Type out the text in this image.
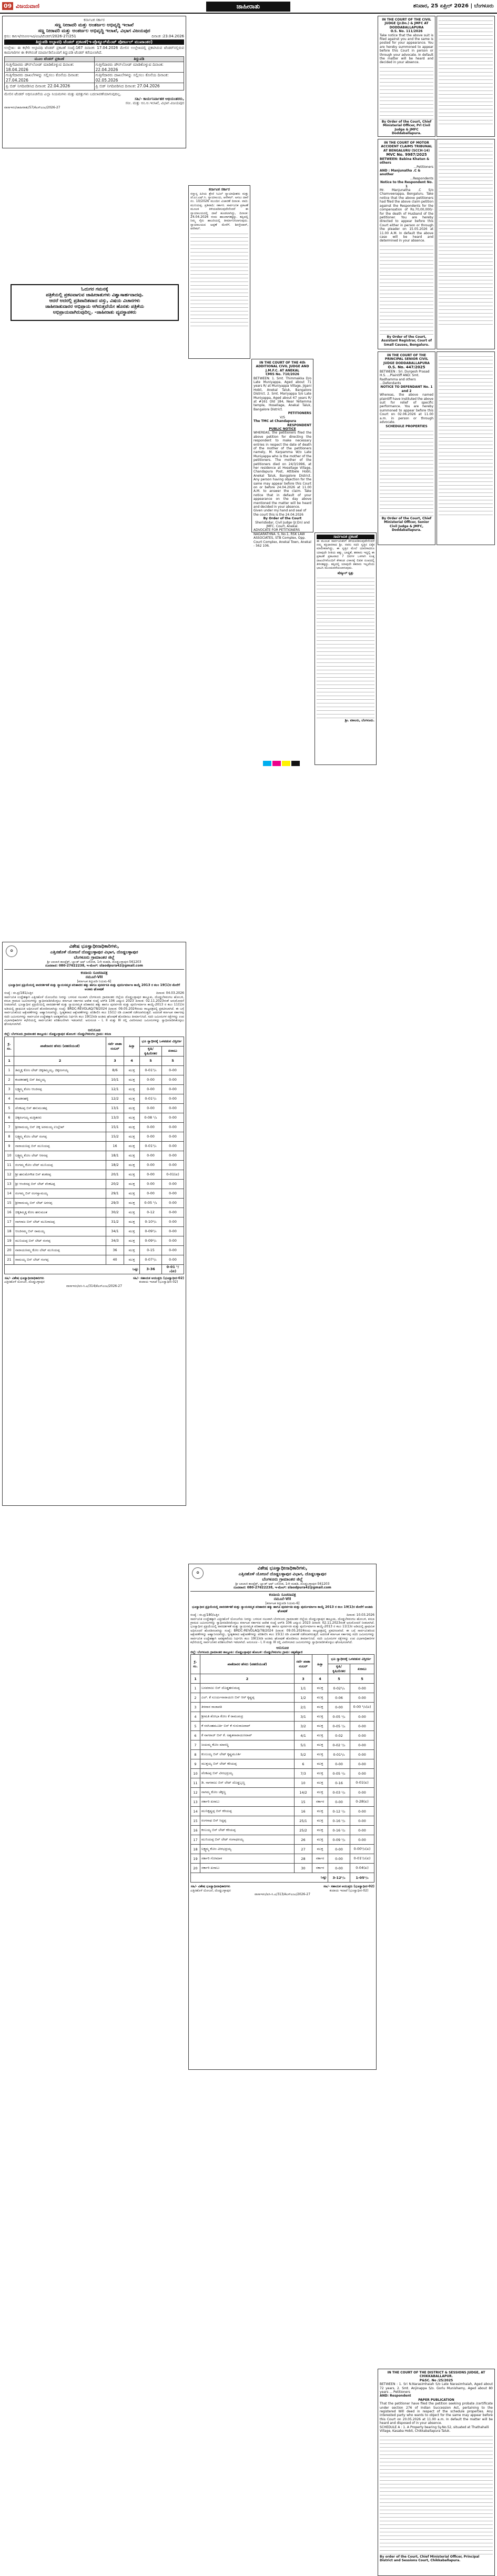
09 ವಿಜಯವಾಣಿ	ಜಾಹೀರಾತು	ಶನಿವಾರ, 25 ಏಪ್ರಿಲ್ 2026 | ಬೆಂಗಳೂರು
ಕರ್ನಾಟಕ ಸರ್ಕಾರ
ಸಣ್ಣ ನೀರಾವರಿ ಮತ್ತು ಅಂತರ್ಜಲ ಅಭಿವೃದ್ಧಿ ಇಲಾಖೆ
ಸಣ್ಣ ನೀರಾವರಿ ಮತ್ತು ಅಂತರ್ಜಲ ಅಭಿವೃದ್ಧಿ ಇಲಾಖೆ, ವಿಭಾಗ ವಿಜಯಪುರ
ಕ್ರಸಂ: ಕಾನಿಇ/ಸನಿಅಅಇವಿ/ವಿಜ/ಟೆಂಡರ್/2026-27/251	ದಿನಾಂಕ :23.04.2026
ತಿದ್ದುಪಡಿ ಅಲ್ಪಾವಧಿ ಟೆಂಡರ್ ಪ್ರಕಟಣೆ(ಇ-ಪ್ರೊಕ್ಯೂರ್‌ಮೆಂಟ್ ಪೋರ್ಟಲ್ ಮುಖಾಂತರ)
ಉಲ್ಲೇಖ: ಈ ಕಛೇರಿ ಅಲ್ಪಾವಧಿ ಟೆಂಡರ್ ಪ್ರಕಟಣೆ ಸಂಖ್ಯೆ:167 ದಿನಾಂಕ: 17.04.2026 ಮೇಲಿನ ಉಲ್ಲೇಖದಲ್ಲಿ ಪ್ರಕಟಿಸಿರುವ ಟೆಂಡರ್‌ನಲ್ಲಿರುವ ಕಾಮಗಾರಿಗಳ ಈ ಕೆಳಗಿನಂತೆ ಮಾರ್ಪಾಡಿನೊಂದಿಗೆ ತಿದ್ದುಪಡಿ ಟೆಂಡರ್ ಕರೆಯಲಾಗಿದೆ.
ಮೂಲ ಟೆಂಡರ್ ಪ್ರಕಟಣೆ	ತಿದ್ದುಪಡಿ
ಗುತ್ತಿಗೆದಾರರು ಡೌನ್‌ಲೋಡ್ ಮಾಡಿಕೊಳ್ಳುವ ದಿನಾಂಕ: 18.04.2026	ಗುತ್ತಿಗೆದಾರರು ಡೌನ್‌ಲೋಡ್ ಮಾಡಿಕೊಳ್ಳುವ ದಿನಾಂಕ: 22.04.2026
ಗುತ್ತಿಗೆದಾರರು ದಾಖಲೆಗಳನ್ನು ಸಲ್ಲಿಸಲು ಕೊನೆಯ ದಿನಾಂಕ: 27.04.2026	ಗುತ್ತಿಗೆದಾರರು ದಾಖಲೆಗಳನ್ನು ಸಲ್ಲಿಸಲು ಕೊನೆಯ ದಿನಾಂಕ: 02.05.2026
ಪ್ರಿ ಬಿಡ್ ನಿಗದಿಪಡಿಸಿದ ದಿನಾಂಕ: 22.04.2026	ಪ್ರಿ ಬಿಡ್ ನಿಗದಿಪಡಿಸಿದ ದಿನಾಂಕ: 27.04.2026
ಮೇಲಿನ ಟೆಂಡರ್ ಅಧಿಸೂಚನೆಯ ಎಲ್ಲಾ ನಿಯಮಗಳು ಮತ್ತು ಷರತ್ತುಗಳು ಬದಲಾವಣೆಯಾಗುವುದಿಲ್ಲ.
ಸಹಿ/- ಕಾರ್ಯನಿರ್ವಾಹಕ ಅಭಿಯಂತರರು,
ಸನೀ. ಮತ್ತು ಅಂ.ಅ.ಇಲಾಖೆ, ವಿಭಾಗ ವಿಜಯಪುರ
ವಾಸಾಇಸಂ/ಜಾಹೀರಾತು/57/ಕೆಎಸ್‌ಎಂಎ/2026-27
ಓದುಗರ ಗಮನಕ್ಕೆ
ಪತ್ರಿಕೆಯಲ್ಲಿ ಪ್ರಕಟವಾಗುವ ಜಾಹೀರಾತುಗಳು ವಿಶ್ವಾಸಾರ್ಹವಾದವು.
ಆದರೆ ಅದರಲ್ಲಿ ಪ್ರತಿಪಾದಿತವಾದ ವಸ್ತು, ವಿಷಯ ವಿಚಾರಗಳು
ಜಾಹೀರಾತುದಾರರ ಅಭಿಪ್ರಾಯ ಆಗಿರುತ್ತವೆಯೇ ಹೊರತು ಪತ್ರಿಕೆಯ
ಅಭಿಪ್ರಾಯವಾಗಿರುವುದಿಲ್ಲ. -ಜಾಹೀರಾತು ವ್ಯವಸ್ಥಾಪಕರು
ಕರ್ನಾಟಕ ಸರ್ಕಾರ
ಸನ್ಮಾನ್ಯ ಹಿರಿಯ ಶ್ರೇಣಿ ಸಿವಿಲ್ ನ್ಯಾಯಾಧೀಶರು ಮತ್ತು ಜೆ.ಎಂ.ಎಫ್.ಸಿ. ನ್ಯಾಯಾಲಯ, ಆನೇಕಲ್. ಅಸಲು ದಾವೆ ನಂ. 10/2026 ಮುಂದಿನ ವಿಚಾರಣೆ ದಿನಾಂಕ. ವಾದಿ: ಮುನಿಯಪ್ಪ. ಪ್ರತಿವಾದಿ: ಸರ್ಕಾರ. ಸಾರ್ವಜನಿಕ ಪ್ರಕಟಣೆ ಮೂಲಕ ತಿಳಿಯಪಡಿಸುವುದೇನೆಂದರೆ ಈ ನ್ಯಾಯಾಲಯದಲ್ಲಿ ದಾವೆ ಹೂಡಲಾಗಿದ್ದು, ದಿನಾಂಕ: 24.04.2026 ರಂದು ಹಾಜರಾಗತಕ್ಕದ್ದು. ತಪ್ಪಿದಲ್ಲಿ ನಿಮ್ಮ ಗೈರು ಹಾಜರಿಯಲ್ಲಿ ತೀರ್ಮಾನಿಸಲಾಗುವುದು. ನ್ಯಾಯಾಲಯದ ಅಪ್ಪಣೆ ಮೇರೆಗೆ. ಶಿರಸ್ತೇದಾರ್, ಆನೇಕಲ್.
IN THE COURT OF THE 4th ADDITIONAL CIVIL JUDGE AND J.M.F.C. AT ANEKAL
CMIS No. 710/2026
BETWEEN: 1. Smt. Thimmakka D/o Late Muniyappa, Aged about 71 years R/ at Muniyappa Village, Jigani Hobli, Anekal Taluk, Bangalore District. 2. Smt. Mariyappa S/o Late Muniyappa, Aged about 67 years R/ at #161 Old 184, Near Yellamma temple, Hosellage, Anekal Taluk, Bangalore District.
PETITIONERS
V/S
The TMC at Chandapura
RESPONDENT
PUBLIC NOTICE
WHEREAS, the petitioners filed the above petition for directing the respondent to make necessary entries in respect the date of death of the mother of the petitioners namely, M. Karpamma W/o Late Muniyappa who is the mother of the petitioners. The mother of the petitioners died on 24/3/1996, at her residence at Hosellage Village, Chandapura Post, Attibele Hobli, Anekal Taluk, Bangalore District. Any person having objection for the same may appear before this Court on or before 24.04.2026 at 11.00 A.M. to answer the claim. Take notice that in default of your appearance on the day above mentioned the matter will be heard and decided in your absence.
Given under my hand and seal of the court this is the 24.04.2026
By Order of the Court
Sheristedar, Civil Judge (Jr.Dn) and JMFC. Court, Anekal.
ADVOCATE FOR PETITIONERS NAGARATHNA. S, No.1, RSK LAW ASSOCIATES, STB Complex, Opp. Court Complex, Anekal Town, Anekal - 562 106.
ಸಾರ್ವಜನಿಕ ಪ್ರಕಟಣೆ
ಈ ಮೂಲಕ ಸಾರ್ವಜನಿಕರಿಗೆ ತಿಳಿಯಪಡಿಸುವುದೇನೆಂದರೆ ನಮ್ಮ ಕಕ್ಷಿದಾರರಾದ ಶ್ರೀ. ರವರು ಸದರಿ ಸ್ವತ್ತಿನ ಏಕೈಕ ಮಾಲೀಕರಾಗಿದ್ದು, ಈ ಸ್ವತ್ತಿನ ಮೇಲೆ ಯಾರಿಗಾದರೂ ಯಾವುದೇ ರೀತಿಯ ಹಕ್ಕು, ಬಾಧ್ಯತೆ, ತಕರಾರು ಇದ್ದಲ್ಲಿ ಈ ಪ್ರಕಟಣೆ ಪ್ರಕಟವಾದ 7 ದಿನಗಳ ಒಳಗಾಗಿ ಸೂಕ್ತ ದಾಖಲೆಗಳೊಂದಿಗೆ ಕೆಳಕಂಡ ವಿಳಾಸಕ್ಕೆ ಲಿಖಿತ ರೂಪದಲ್ಲಿ ತಿಳಿಸತಕ್ಕದ್ದು. ತಪ್ಪಿದಲ್ಲಿ ಯಾವುದೇ ತಕರಾರು ಇಲ್ಲವೆಂದು ಭಾವಿಸಿ ಮುಂದುವರೆಯಲಾಗುವುದು.
ಷೆಡ್ಯೂಲ್ ಸ್ವತ್ತು
ಶ್ರೀ. ವಕೀಲರು, ಬೆಂಗಳೂರು.
IN THE COURT OF THE CIVIL JUDGE (Jr.Dn.) & JMFC AT DODDABALLAPURA
O.S. No. 111/2026
Take notice that the above suit is filed against you and the same is posted for your appearance. You are hereby summoned to appear before this Court in person or through your advocate. In default the matter will be heard and decided in your absence.
By Order of the Court, Chief Ministerial Officer, Prl Civil Judge & JMFC Doddaballapura.
IN THE COURT OF MOTOR ACCIDENT CLAIMS TRIBUNAL AT BENGALURU (SCCH-14)
MVC No. 9987/2025
BETWEEN: Babina Khatun & others
...Petitioners
AND : Manjunatha .C & another
...Respondents
Notice to the Respondent No. 1
Mr. Manjunatha .C S/o Chamveerappa, Bengaluru. Take notice that the above petitioners had filed the above claim petition against the Respondents for the compensation of Rs.70,00,000/- for the death of Husband of the petitioner. You are hereby directed to appear before this Court either in person or through the pleader on 15.05.2026 at 11.00 A.M. In default the above case will be heard and determined in your absence.
By Order of the Court, Assistant Registrar, Court of Small Causes, Bengaluru.
IN THE COURT OF THE PRINCIPAL SENIOR CIVIL JUDGE DODDABALLAPURA
O.S. No. 447/2025
BETWEEN : Sri. Durgesh Prasad H.S. ...Plaintiff AND: Smt. Radhamma and others ...Defendants
NOTICE TO DEFENDANT No. 1 and 2
Whereas, the above named plaintiff have instituted the above suit for relief of specific performance. You are hereby summoned to appear before this Court on 02.06.2026 at 11.00 a.m. in person or through advocate.
SCHEDULE PROPERTIES
By Order of the Court, Chief Ministerial Officer, Senior Civil Judge & JMFC, Doddaballapura.
✪
ವಿಶೇಷ ಭೂಸ್ವಾಧೀನಾಧಿಕಾರಿಗಳು,
ಎತ್ತಿನಹೊಳೆ ಯೋಜನೆ ದೊಡ್ಡಬಳ್ಳಾಪುರ ವಿಭಾಗ, ದೊಡ್ಡಬಳ್ಳಾಪುರ
ಬೆಂಗಳೂರು ಗ್ರಾಮಾಂತರ ಜಿಲ್ಲೆ
ಶ್ರೀ ಬಾಲಾಜಿ ಕಾಂಪ್ಲೆಕ್ಸ್, ಬ್ಯಾಂಕ್ ಆಫ್ ಬರೋಡ, 1ನೇ ಮಹಡಿ, ದೊಡ್ಡಬಳ್ಳಾಪುರ-561203
ದೂರವಾಣಿ: 080-27622238, ಇ-ಮೇಲ್: slaodpura42@gmail.com
ಕಂದಾಯ ಸೂಚನಾಪತ್ರ
ನಮೂನೆ-VII
[ಕರ್ನಾಟಕ ತಿದ್ದುಪಡಿ ನಿಯಮ-6]
ಭೂಸ್ವಾಧೀನ ಪ್ರಕ್ರಿಯೆಯಲ್ಲಿ ಪಾರದರ್ಶಕತೆ ಮತ್ತು ನ್ಯಾಯಸಮ್ಮತ ಪರಿಹಾರದ ಹಕ್ಕು ಹಾಗೂ ಪುನರ್ವಸತಿ ಮತ್ತು ಪುನರ್ನಿರ್ಮಾಣ ಕಾಯ್ದೆ 2013 ರ ಕಲಂ 19(1)ರ ಮೇರೆಗೆ ಅಂತಿಮ ಘೋಷಣೆ
ಸಂಖ್ಯೆ : ಕಂ.ಪ್ರ/181/ಎತ್ತಿನ	ದಿನಾಂಕ: 04.03.2026
ಸಾರ್ವಜನಿಕ ಉದ್ದೇಶಕ್ಕಾಗಿ ಎತ್ತಿನಹೊಳೆ ಯೋಜನೆಯ ನೀರನ್ನು ಬಳಸುವ ಸಲುವಾಗಿ ಬೆಂಗಳೂರು ಗ್ರಾಮಾಂತರ ಜಿಲ್ಲೆಯ ದೊಡ್ಡಬಳ್ಳಾಪುರ ತಾಲ್ಲೂಕು, ದೊಡ್ಡಬೆಳವಂಗಲ ಹೋಬಳಿ, ಕಸಬಾ ಗ್ರಾಮದ ಜಮೀನುಗಳನ್ನು ಸ್ವಾಧೀನಪಡಿಸಿಕೊಳ್ಳಲು ಕರ್ನಾಟಕ ಸರ್ಕಾರದ ಆದೇಶ ಸಂಖ್ಯೆ ಆರ್‌ಡಿ 106 ಎಕ್ಯೂಬಿ 2023 ದಿನಾಂಕ: 02.11.2023ರಂತೆ ಅನುಮೋದನೆ ನೀಡಲಾಗಿದೆ. ಭೂಸ್ವಾಧೀನ ಪ್ರಕ್ರಿಯೆಯಲ್ಲಿ ಪಾರದರ್ಶಕತೆ ಮತ್ತು ನ್ಯಾಯಸಮ್ಮತ ಪರಿಹಾರದ ಹಕ್ಕು ಹಾಗೂ ಪುನರ್ವಸತಿ ಮತ್ತು ಪುನರ್ನಿರ್ಮಾಣ ಕಾಯ್ದೆ-2013 ರ ಕಲಂ 11(1)ರ ಅಡಿಯಲ್ಲಿ ಪ್ರಾಥಮಿಕ ಅಧಿಸೂಚನೆ ಹೊರಡಿಸಲಾಗಿದ್ದು ಸಂಖ್ಯೆ: BRDC-REVOLAQ/78/2024 ದಿನಾಂಕ: 09.05.2024ರಂದು ರಾಜ್ಯಪತ್ರದಲ್ಲಿ ಪ್ರಕಟಿಸಲಾಗಿದೆ. ಈ ಬಗ್ಗೆ ಸಾರ್ವಜನಿಕರಿಂದ ಆಕ್ಷೇಪಣೆಗಳನ್ನು ಆಹ್ವಾನಿಸಲಾಗಿದ್ದು, ಸ್ವೀಕೃತವಾದ ಆಕ್ಷೇಪಣೆಗಳನ್ನು ಪರಿಶೀಲಿಸಿ ಕಲಂ 15(1) ರಡಿ ವಿಚಾರಣೆ ನಡೆಸಲಾಗಿರುತ್ತದೆ. ಅದರಂತೆ ಕರ್ನಾಟಕ ಸರ್ಕಾರವು ಸದರಿ ಜಮೀನುಗಳನ್ನು ಸಾರ್ವಜನಿಕ ಉದ್ದೇಶಕ್ಕಾಗಿ ಅವಶ್ಯಕವೆಂದು ನಿರ್ಧರಿಸಿ ಕಲಂ 19(1)ರಡಿ ಅಂತಿಮ ಘೋಷಣೆ ಹೊರಡಿಸಲು ತೀರ್ಮಾನಿಸಿದೆ. ಸದರಿ ಜಮೀನುಗಳ ನಕ್ಷೆಗಳನ್ನು ಉಪ ವಿಭಾಗಾಧಿಕಾರಿಗಳ ಕಛೇರಿಯಲ್ಲಿ ಸಾರ್ವಜನಿಕರ ಪರಿಶೀಲನೆಗಾಗಿ ಇಡಲಾಗಿದೆ. ಅನುಸೂಚಿ - I, II ಮತ್ತು III ರಲ್ಲಿ ವಿವರಿಸಲಾದ ಜಮೀನುಗಳನ್ನು ಸ್ವಾಧೀನಪಡಿಸಿಕೊಳ್ಳಲು ಘೋಷಿಸಲಾಗಿದೆ.
ಅನುಸೂಚಿ
ಜಿಲ್ಲೆ: ಬೆಂಗಳೂರು ಗ್ರಾಮಾಂತರ ತಾಲ್ಲೂಕು: ದೊಡ್ಡಬಳ್ಳಾಪುರ ಹೋಬಳಿ: ದೊಡ್ಡಬೆಳವಂಗಲ ಗ್ರಾಮ: ಕಸಬಾ
ಕ್ರ. ಸಂ.	ಖಾತೆದಾರರ ಹೆಸರು (ಪಹಣಿಯಂತೆ)	ಸರ್ವೆ ಖಾತಾ ನಂಬರ್	ಹಿಸ್ಸಾ	ಭೂ ಸ್ವಾಧೀನಕ್ಕೆ ಒಳಪಡುವ ವಿಸ್ತೀರ್ಣ	
				ಕೃಷಿ/ ಕೃಷಿಯೇತರ	ಖರಾಬು
1	2	3	4	5	5
1	ತಿಮ್ಮಕ್ಕ ಕೋಂ ಲೇಟ್ ಚಿಕ್ಕತಿಮ್ಮಯ್ಯ, ಚಿಕ್ಕರಂಗಯ್ಯ	8/6	ಮುಕ್ತ	0-01¹/₄	0-00
2	ಕಂದಕನಹಳ್ಳಿ ಬಿನ್ ತಿಮ್ಮಯ್ಯ	10/1	ಮುಕ್ತ	0-00	0-00
3	ಲಕ್ಷ್ಮಮ್ಮ ಕೋಂ ಆಂಜಿನಪ್ಪ	12/1	ಮುಕ್ತ	0-00	0-00
4	ಕಂದಕನಹಳ್ಳಿ	12/2	ಮುಕ್ತ	0-01¹/₂	0-00
5	ವೆಂಕಟಪ್ಪ ಬಿನ್ ಹನುಮಂತಪ್ಪ	13/1	ಮುಕ್ತ	0-00	0-00
6	ಚಿಕ್ಕರಂಗಯ್ಯ ಮತ್ತಿತರರು	13/3	ಮುಕ್ತ	0-08 ¹/₂	0-00
7	ಶ್ರೀರಾಮಯ್ಯ ಬಿನ್ ಚಿಕ್ಕ ಅರಮಯ್ಯ ಉಲ್ಲೇಖ್	15/1	ಮುಕ್ತ	0-00	0-00
8	ಲಕ್ಷ್ಮಮ್ಮ ಕೋಂ ಲೇಟ್ ರಂಗಪ್ಪ	15/2	ಮುಕ್ತ	0-00	0-00
9	ನಾರಾಯಣಪ್ಪ ಬಿನ್ ಮುನಿಯಪ್ಪ	16	ಮುಕ್ತ	0-01¹/₄	0-00
10	ಲಕ್ಷ್ಮಮ್ಮ ಕೋಂ ಲೇಟ್ ಆರನಪ್ಪ	18/1	ಮುಕ್ತ	0-00	0-00
11	ರಂಗಮ್ಮ ಕೋಂ ಲೇಟ್ ಮುನಿಯಪ್ಪ	18/2	ಮುಕ್ತ	0-00	0-00
12	ಶ್ರೀ ಹನುಮೇಗೌಡ ಬಿನ್ ಶಂಕರಪ್ಪ	20/1	ಮುಕ್ತ	0-00	0-01(ಖ)
13	ಶ್ರೀ ಆಂಜಿನಪ್ಪ ಬಿನ್ ಲೇಟ್ ವೆಂಕಟಪ್ಪ	20/2	ಮುಕ್ತ	0-00	0-00
14	ರಂಗಮ್ಮ ಬಿನ್ ರಂಗಸ್ವಾಮಯ್ಯ	29/1	ಮುಕ್ತ	0-00	0-00
15	ಶ್ರೀರಾಮಯ್ಯ ಬಿನ್ ಲೇಟ್ ಅರಸಪ್ಪ	29/3	ಮುಕ್ತ	0-05 ¹/₄	0-00
16	ಚಿಕ್ಕತಿಮ್ಮಕ್ಕ ಕೋಂ ಹನುಮಂತ	30/2	ಮುಕ್ತ	0-12	0-00
17	ನಾಗರಾಜ ಬಿನ್ ಲೇಟ್ ಮುನಿರಾಜಪ್ಪ	31/2	ಮುಕ್ತ	0-10¹/₄	0-00
18	ಆಂಜಿನಮ್ಮ ಬಿನ್ ರಾಮಯ್ಯ	34/1	ಮುಕ್ತ	0-09¹/₄	0-00
19	ಮುನಿಯಪ್ಪ ಬಿನ್ ಲೇಟ್ ರಂಗಪ್ಪ	34/3	ಮುಕ್ತ	0-09¹/₄	0-00
20	ನಾರಾಯಣಮ್ಮ ಕೋಂ ಲೇಟ್ ಮುನಿಯಪ್ಪ	36	ಮುಕ್ತ	0-15	0-00
21	ರಾಮಯ್ಯ ಬಿನ್ ಲೇಟ್ ಗಂಗಪ್ಪ	40	ಮುಕ್ತ	0-07¹/₄	0-00
ಒಟ್ಟು				3-36	0-01 ¹/₂(ಖ)
ಸಹಿ/- ವಿಶೇಷ ಭೂಸ್ವಾಧೀನಾಧಿಕಾರಿಗಳು
ಎತ್ತಿನಹೊಳೆ ಯೋಜನೆ, ದೊಡ್ಡಬಳ್ಳಾಪುರ
ಸಹಿ/- ಸಹಾಯಕ ಆಯುಕ್ತರು (ಭೂಸ್ವಾಧೀನ-02)
ಕಂದಾಯ ಇಲಾಖೆ (ಭೂಸ್ವಾಧೀನ-02)
ವಾಸಾಇಸಂ/ಐಸಿ-ಸಿ.ಎ/314/ಕೆಎಸ್‌ಎಂಎ/2026-27
✪
ವಿಶೇಷ ಭೂಸ್ವಾಧೀನಾಧಿಕಾರಿಗಳು,
ಎತ್ತಿನಹೊಳೆ ಯೋಜನೆ ದೊಡ್ಡಬಳ್ಳಾಪುರ ವಿಭಾಗ, ದೊಡ್ಡಬಳ್ಳಾಪುರ
ಬೆಂಗಳೂರು ಗ್ರಾಮಾಂತರ ಜಿಲ್ಲೆ
ಶ್ರೀ ಬಾಲಾಜಿ ಕಾಂಪ್ಲೆಕ್ಸ್, ಬ್ಯಾಂಕ್ ಆಫ್ ಬರೋಡ, 1ನೇ ಮಹಡಿ, ದೊಡ್ಡಬಳ್ಳಾಪುರ-561203
ದೂರವಾಣಿ: 080-27622238, ಇ-ಮೇಲ್: slaodpura42@gmail.com
ಕಂದಾಯ ಸೂಚನಾಪತ್ರ
ನಮೂನೆ-VII
[ಕರ್ನಾಟಕ ತಿದ್ದುಪಡಿ ನಿಯಮ-6]
ಭೂಸ್ವಾಧೀನ ಪ್ರಕ್ರಿಯೆಯಲ್ಲಿ ಪಾರದರ್ಶಕತೆ ಮತ್ತು ನ್ಯಾಯಸಮ್ಮತ ಪರಿಹಾರದ ಹಕ್ಕು ಹಾಗೂ ಪುನರ್ವಸತಿ ಮತ್ತು ಪುನರ್ನಿರ್ಮಾಣ ಕಾಯ್ದೆ 2013 ರ ಕಲಂ 19(1)ರ ಮೇರೆಗೆ ಅಂತಿಮ ಘೋಷಣೆ
ಸಂಖ್ಯೆ : ಕಂ.ಪ್ರ/180/ಎತ್ತಿನ	ದಿನಾಂಕ: 10.03.2026
ಸಾರ್ವಜನಿಕ ಉದ್ದೇಶಕ್ಕಾಗಿ ಎತ್ತಿನಹೊಳೆ ಯೋಜನೆಯ ನೀರನ್ನು ಬಳಸುವ ಸಲುವಾಗಿ ಬೆಂಗಳೂರು ಗ್ರಾಮಾಂತರ ಜಿಲ್ಲೆಯ ದೊಡ್ಡಬಳ್ಳಾಪುರ ತಾಲ್ಲೂಕು, ದೊಡ್ಡಬೆಳವಂಗಲ ಹೋಬಳಿ, ಕಸಬಾ ಗ್ರಾಮದ ಜಮೀನುಗಳನ್ನು ಸ್ವಾಧೀನಪಡಿಸಿಕೊಳ್ಳಲು ಕರ್ನಾಟಕ ಸರ್ಕಾರದ ಆದೇಶ ಸಂಖ್ಯೆ ಆರ್‌ಡಿ 106 ಎಕ್ಯೂಬಿ 2023 ದಿನಾಂಕ: 02.11.2023ರಂತೆ ಅನುಮೋದನೆ ನೀಡಲಾಗಿದೆ. ಭೂಸ್ವಾಧೀನ ಪ್ರಕ್ರಿಯೆಯಲ್ಲಿ ಪಾರದರ್ಶಕತೆ ಮತ್ತು ನ್ಯಾಯಸಮ್ಮತ ಪರಿಹಾರದ ಹಕ್ಕು ಹಾಗೂ ಪುನರ್ವಸತಿ ಮತ್ತು ಪುನರ್ನಿರ್ಮಾಣ ಕಾಯ್ದೆ-2013 ರ ಕಲಂ 11(1)ರ ಅಡಿಯಲ್ಲಿ ಪ್ರಾಥಮಿಕ ಅಧಿಸೂಚನೆ ಹೊರಡಿಸಲಾಗಿದ್ದು ಸಂಖ್ಯೆ: BRDC-REVOLAQ/78/2024 ದಿನಾಂಕ: 09.05.2024ರಂದು ರಾಜ್ಯಪತ್ರದಲ್ಲಿ ಪ್ರಕಟಿಸಲಾಗಿದೆ. ಈ ಬಗ್ಗೆ ಸಾರ್ವಜನಿಕರಿಂದ ಆಕ್ಷೇಪಣೆಗಳನ್ನು ಆಹ್ವಾನಿಸಲಾಗಿದ್ದು, ಸ್ವೀಕೃತವಾದ ಆಕ್ಷೇಪಣೆಗಳನ್ನು ಪರಿಶೀಲಿಸಿ ಕಲಂ 15(1) ರಡಿ ವಿಚಾರಣೆ ನಡೆಸಲಾಗಿರುತ್ತದೆ. ಅದರಂತೆ ಕರ್ನಾಟಕ ಸರ್ಕಾರವು ಸದರಿ ಜಮೀನುಗಳನ್ನು ಸಾರ್ವಜನಿಕ ಉದ್ದೇಶಕ್ಕಾಗಿ ಅವಶ್ಯಕವೆಂದು ನಿರ್ಧರಿಸಿ ಕಲಂ 19(1)ರಡಿ ಅಂತಿಮ ಘೋಷಣೆ ಹೊರಡಿಸಲು ತೀರ್ಮಾನಿಸಿದೆ. ಸದರಿ ಜಮೀನುಗಳ ನಕ್ಷೆಗಳನ್ನು ಉಪ ವಿಭಾಗಾಧಿಕಾರಿಗಳ ಕಛೇರಿಯಲ್ಲಿ ಸಾರ್ವಜನಿಕರ ಪರಿಶೀಲನೆಗಾಗಿ ಇಡಲಾಗಿದೆ. ಅನುಸೂಚಿ - I, II ಮತ್ತು III ರಲ್ಲಿ ವಿವರಿಸಲಾದ ಜಮೀನುಗಳನ್ನು ಸ್ವಾಧೀನಪಡಿಸಿಕೊಳ್ಳಲು ಘೋಷಿಸಲಾಗಿದೆ.
ಅನುಸೂಚಿ
ಜಿಲ್ಲೆ: ಬೆಂಗಳೂರು ಗ್ರಾಮಾಂತರ ತಾಲ್ಲೂಕು: ದೊಡ್ಡಬಳ್ಳಾಪುರ ಹೋಬಳಿ: ದೊಡ್ಡಬೆಳವಂಗಲ ಗ್ರಾಮ: ಚಿಕ್ಕಹೆಜ್ಜಾಜಿ
ಕ್ರ. ಸಂ.	ಖಾತೆದಾರರ ಹೆಸರು (ಪಹಣಿಯಂತೆ)	ಸರ್ವೆ ಖಾತಾ ನಂಬರ್	ಹಿಸ್ಸಾ	ಭೂ ಸ್ವಾಧೀನಕ್ಕೆ ಒಳಪಡುವ ವಿಸ್ತೀರ್ಣ	
				ಕೃಷಿ/ ಕೃಷಿಯೇತರ	ಖರಾಬು
1	2	3	4	5	5
1	ಬಸವರಾಜು ಬಿನ್ ದೊಡ್ಡಹನುಮಪ್ಪ	1/1	ಮುಕ್ತ	0-02¹/₄	0-00
2	ಎಲ್. ಕೆ ಸೂರ್ಯನಾರಾಯಣ ಬಿನ್ ಆರ್ ಕೃಷ್ಣಪ್ಪ	1/2	ಮುಕ್ತ	0-06	0-00
3	ತಿಳವಾರ ರಾಜಾಪತಿ	2/1	ಮುಕ್ತ	0-00	0-00 ¹/₂(ಖ)
4	ಶ್ರೀಮತಿ ಶೋಭಾ ಕೋಂ ಕೆ ರಾಮಚಂದ್ರ	3/1	ಮುಕ್ತ	0-05 ¹/₄	0-00
5	ಕೆ ನರಸಿಂಹಮೂರ್ತಿ ಬಿನ್ ಕೆ ಗುರುರಾಜರಾವ್	3/2	ಮುಕ್ತ	0-05 ¹/₄	0-00
6	ಕೆ ನಾಗರಾಜ್ ಬಿನ್ ಕೆ. ಅಶ್ವತನಾರಾಯಣರಾವ್	4/1	ಮುಕ್ತ	0-02	0-00
7	ಜಯಮ್ಮ ಕೋಂ ಮಾರಣ್ಣ	5/1	ಮುಕ್ತ	0-02 ¹/₂	0-00
8	ಕುಂಬಯ್ಯ ಬಿನ್ ಲೇಟ್ ಕೃಷ್ಣಮೂರ್ತಿ	5/2	ಮುಕ್ತ	0-01¹/₂	0-00
9	ಮುತ್ತಯ್ಯ ಬಿನ್ ಲೇಟ್ ಕರಿಯಪ್ಪ	6	ಮುಕ್ತ	0-00	0-00
10	ವೆಂಕಟಪ್ಪ ಬಿನ್ ವೀರಭದ್ರಯ್ಯ	7/3	ಮುಕ್ತ	0-05 ¹/₂	0-00
11	ಡಿ. ನಾಗರಾಜು ಬಿನ್ ಲೇಟ್ ದೊಡ್ಡಬ್ಬಣ್ಣ	10	ಮುಕ್ತ	0-16	0-01(ಖ)
12	ನಾಗಮ್ಮ ಕೋಂ ಚೆಕ್ಕಣ್ಣ	14/2	ಮುಕ್ತ	0-03 ¹/₂	0-00
13	ಸರ್ಕಾರಿ ಖರಾಬು	15	ಸರ್ಕಾರ	0-00	0-28(ಖ)
14	ಮುನಿಕೃಷ್ಣಪ್ಪ ಬಿನ್ ಕರಿಯಪ್ಪ	16	ಮುಕ್ತ	0-12 ¹/₂	0-00
15	ರಂಗನಾಥ ಬಿನ್ ಸಿದ್ದಪ್ಪ	25/1	ಮುಕ್ತ	0-16 ¹/₂	0-00
16	ಕಂಬಯ್ಯ ಬಿನ್ ಲೇಟ್ ಕರಿಯಪ್ಪ	25/2	ಮುಕ್ತ	0-16 ¹/₂	0-00
17	ಮುನಿಯಪ್ಪ ಬಿನ್ ಲೇಟ್ ಗಂಗಾಧರಯ್ಯ	26	ಮುಕ್ತ	0-09 ¹/₂	0-00
18	ಲಕ್ಷ್ಮಮ್ಮ ಕೋಂ ವೀರಭದ್ರಯ್ಯ	27	ಮುಕ್ತ	0-00	0-00¹/₂(ಖ)
19	ಸರ್ಕಾರಿ ಗೋಮಾಳ	28	ಸರ್ಕಾರ	0-00	0-01¹/₂(ಖ)
20	ಸರ್ಕಾರಿ ಖರಾಬು	30	ಸರ್ಕಾರ	0-00	0-04(ಖ)
ಒಟ್ಟು				3-12¹/₂	1-05¹/₂
ಸಹಿ/- ವಿಶೇಷ ಭೂಸ್ವಾಧೀನಾಧಿಕಾರಿಗಳು
ಎತ್ತಿನಹೊಳೆ ಯೋಜನೆ, ದೊಡ್ಡಬಳ್ಳಾಪುರ
ಸಹಿ/- ಸಹಾಯಕ ಆಯುಕ್ತರು (ಭೂಸ್ವಾಧೀನ-02)
ಕಂದಾಯ ಇಲಾಖೆ (ಭೂಸ್ವಾಧೀನ-02)
ವಾಸಾಇಸಂ/ಐಸಿ-ಸಿ.ಎ/313/ಕೆಎಸ್‌ಎಂಎ/2026-27
IN THE COURT OF THE DISTRICT & SESSIONS JUDGE, AT CHIKKABALLAPUR.
P&SC. No /25/2025
BETWEEN : 1. Sri N.Narasimhaiah S/o Late Narasimhaiah, Aged about 72 years, 2. Smt. Anjinappa S/o. Gorlu Munishamy, Aged about 80 years ... Petitioners
AND: Respondent
PAPER PUBLICATION
That the petitioner have filed the petition seeking probate /certificate under section 276 of Indian Succession Act, pertaining to the registered Will deed in respect of the schedule properties. Any interested party who wants to object for the same may appear before this Court on 20.05.2026 at 11.00 a.m. In default the matter will be heard and disposed of in your absence.
SCHEDULE A : 1. A Property bearing Sy.No.52, situated at Thathahalli Village, Kasaba Hobli, Chikkaballapura Taluk.
By order of the Court, Chief Ministerial Officer, Principal District and Sessions Court, Chikkaballapura.
